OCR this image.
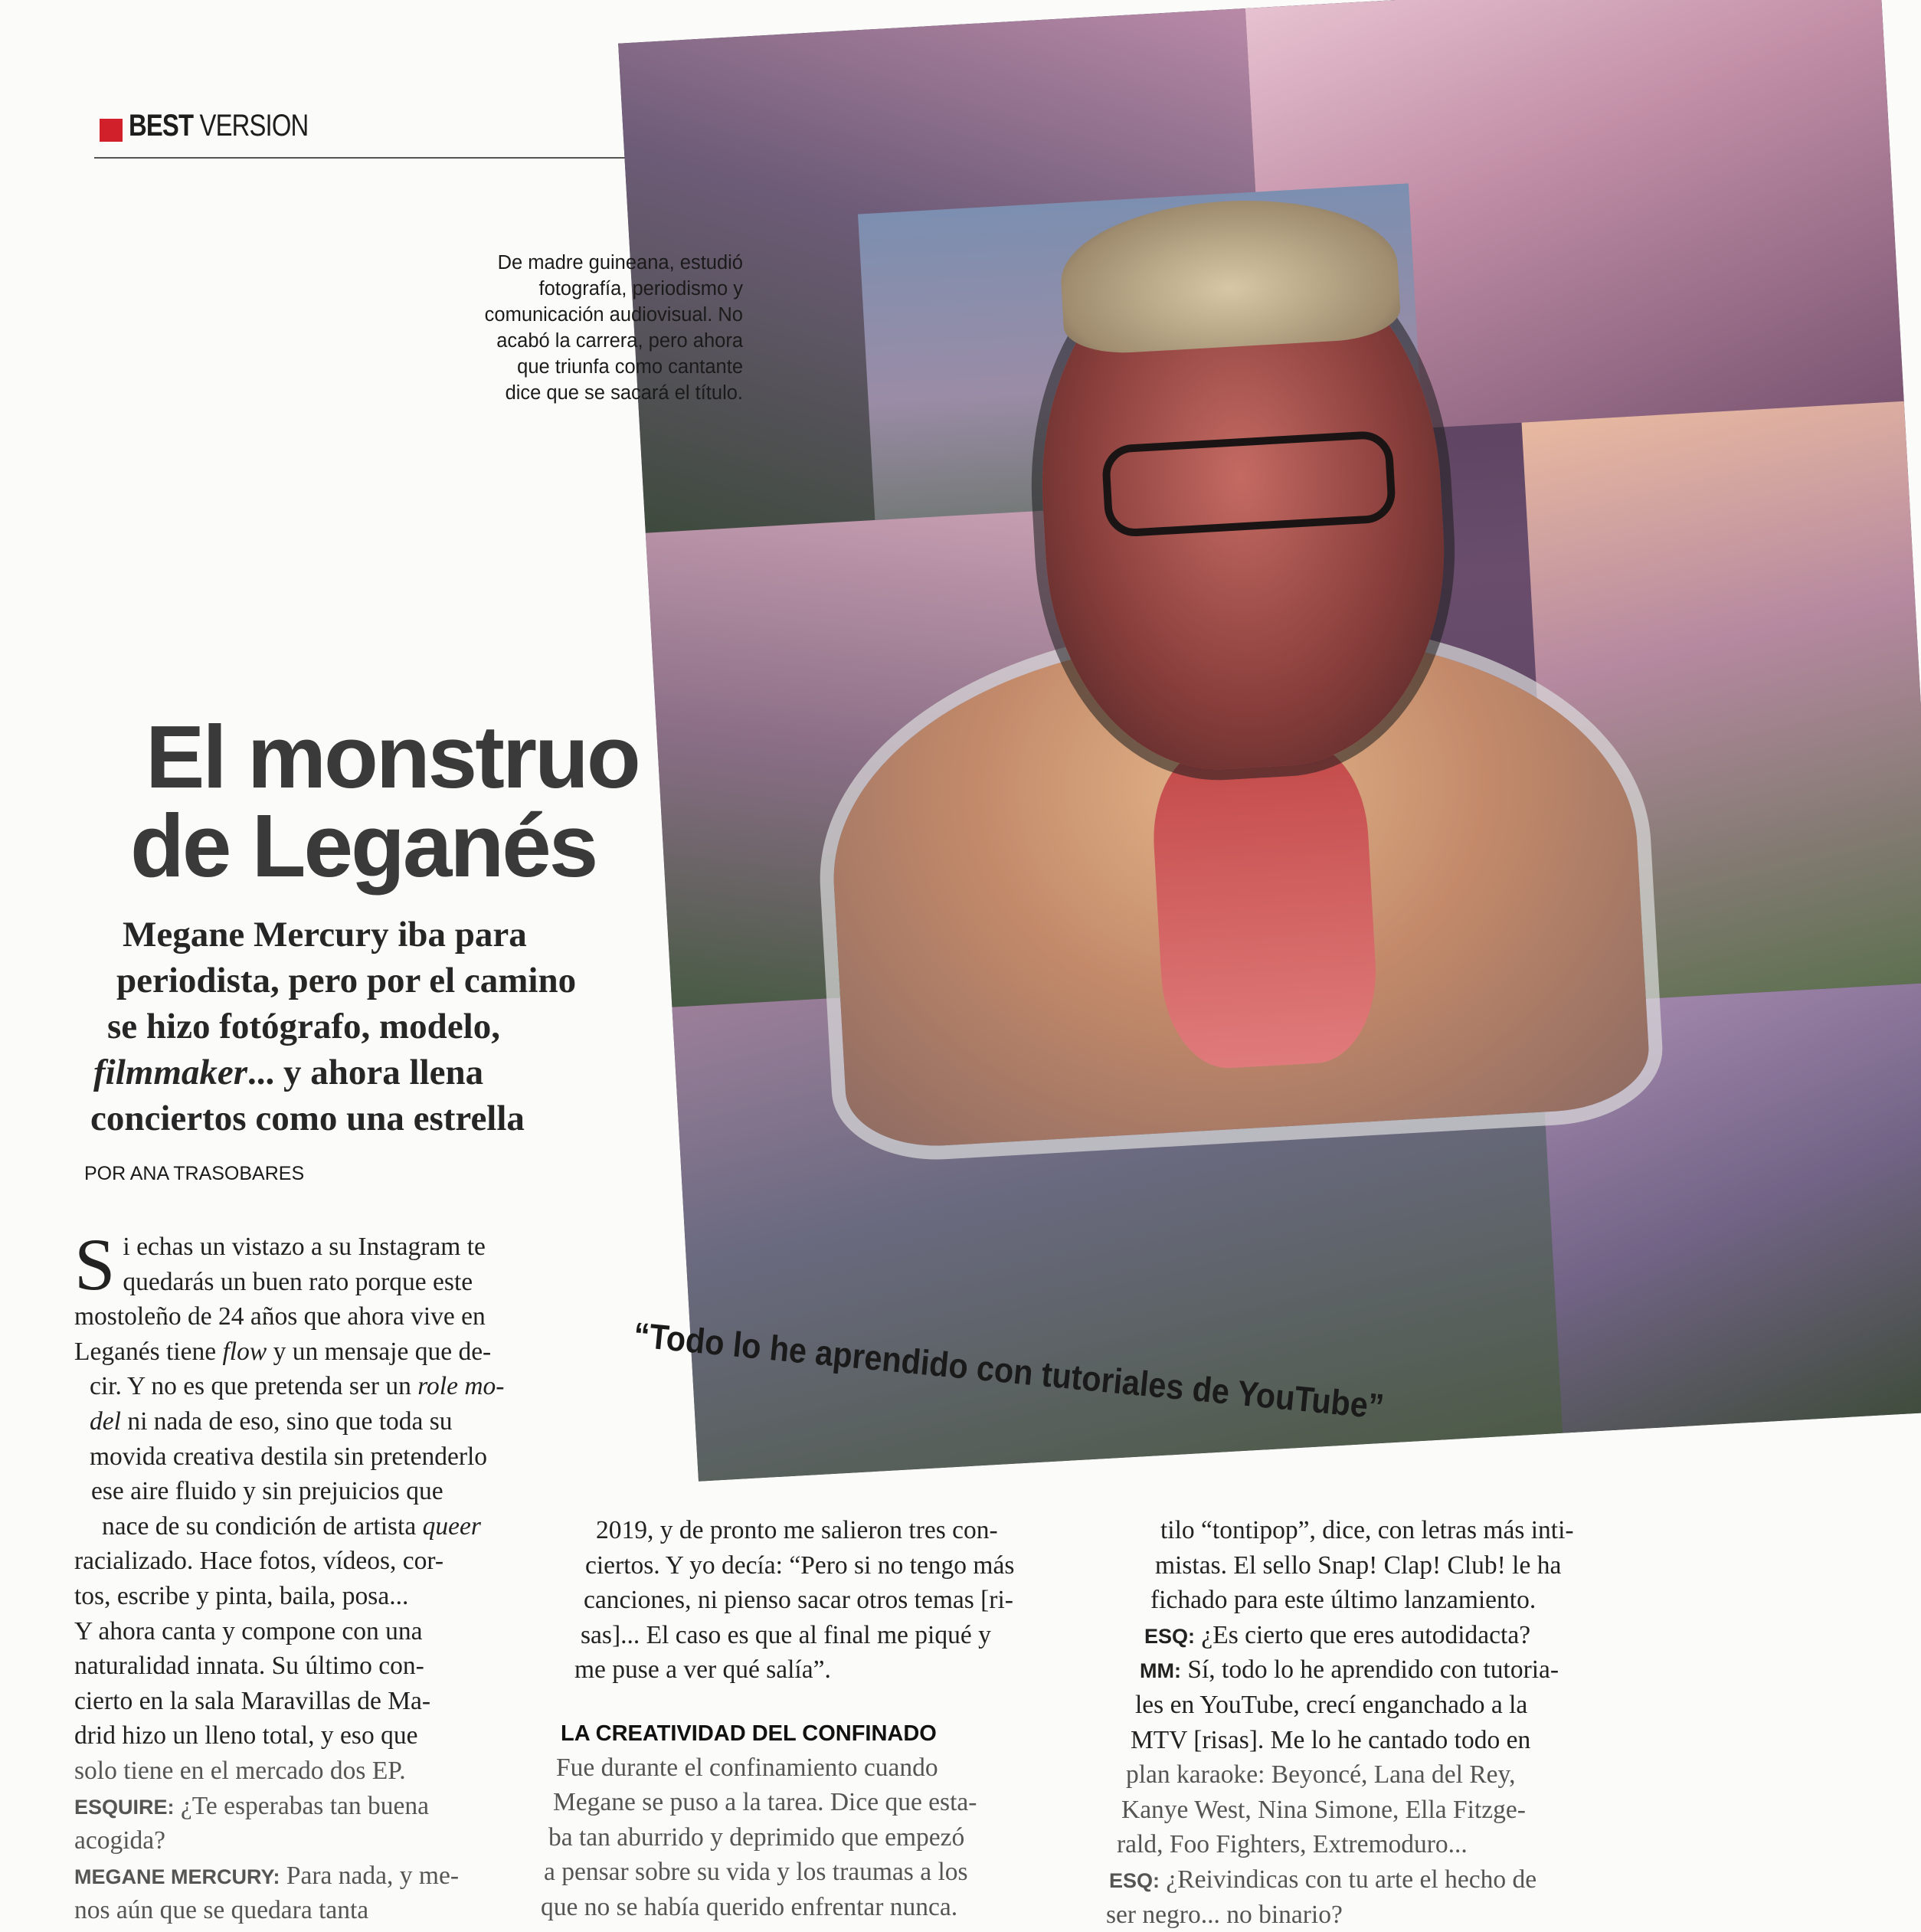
BEST VERSION
De madre guineana, estudió
fotografía, periodismo y
comunicación audiovisual. No
acabó la carrera, pero ahora
que triunfa como cantante
dice que se sacará el título.
El monstruo
de Leganés
Megane Mercury iba para
periodista, pero por el camino
se hizo fotógrafo, modelo,
filmmaker... y ahora llena
conciertos como una estrella
POR ANA TRASOBARES
“Todo lo he aprendido con tutoriales de YouTube”
S i echas un vistazo a su Instagram te
quedarás un buen rato porque este
mostoleño de 24 años que ahora vive en
Leganés tiene flow y un mensaje que de-
cir. Y no es que pretenda ser un role mo-
del ni nada de eso, sino que toda su
movida creativa destila sin pretenderlo
ese aire fluido y sin prejuicios que
nace de su condición de artista queer
racializado. Hace fotos, vídeos, cor-
tos, escribe y pinta, baila, posa...
Y ahora canta y compone con una
naturalidad innata. Su último con-
cierto en la sala Maravillas de Ma-
drid hizo un lleno total, y eso que
solo tiene en el mercado dos EP.
ESQUIRE: ¿Te esperabas tan buena
acogida?
MEGANE MERCURY: Para nada, y me-
nos aún que se quedara tanta
2019, y de pronto me salieron tres con-
ciertos. Y yo decía: “Pero si no tengo más
canciones, ni pienso sacar otros temas [ri-
sas]... El caso es que al final me piqué y
me puse a ver qué salía”.
LA CREATIVIDAD DEL CONFINADO
Fue durante el confinamiento cuando
Megane se puso a la tarea. Dice que esta-
ba tan aburrido y deprimido que empezó
a pensar sobre su vida y los traumas a los
que no se había querido enfrentar nunca.
tilo “tontipop”, dice, con letras más inti-
mistas. El sello Snap! Clap! Club! le ha
fichado para este último lanzamiento.
ESQ: ¿Es cierto que eres autodidacta?
MM: Sí, todo lo he aprendido con tutoria-
les en YouTube, crecí enganchado a la
MTV [risas]. Me lo he cantado todo en
plan karaoke: Beyoncé, Lana del Rey,
Kanye West, Nina Simone, Ella Fitzge-
rald, Foo Fighters, Extremoduro...
ESQ: ¿Reivindicas con tu arte el hecho de
ser negro... no binario?
